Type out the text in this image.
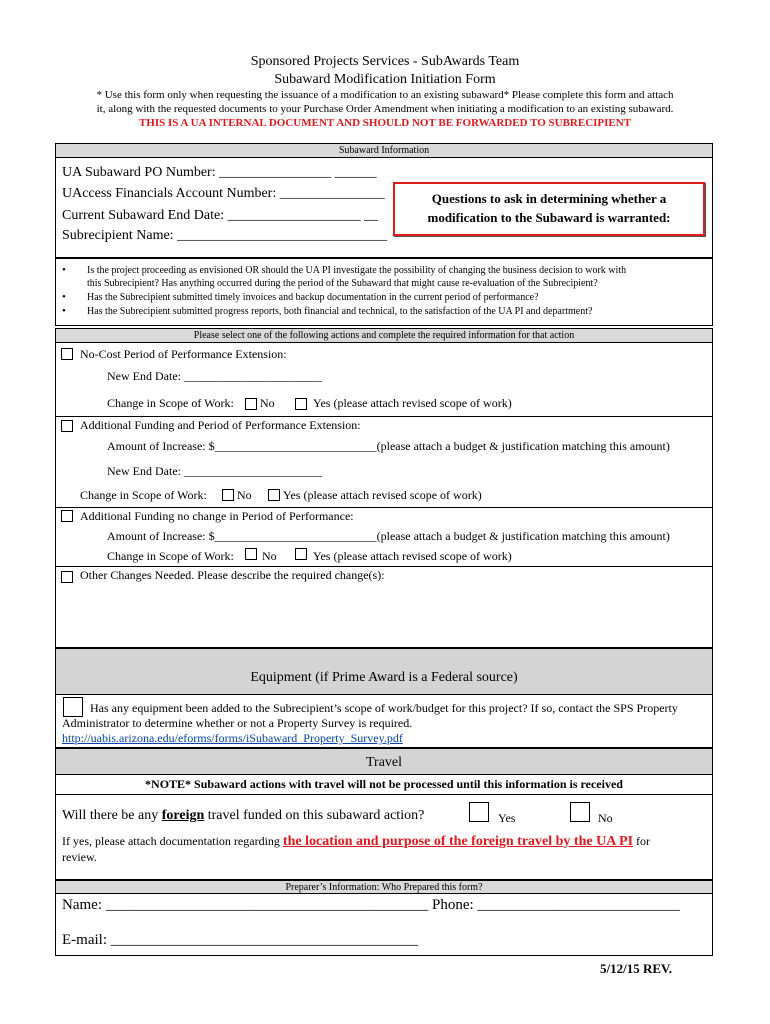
Sponsored Projects Services - SubAwards Team
Subaward Modification Initiation Form
* Use this form only when requesting the issuance of a modification to an existing subaward* Please complete this form and attach
it, along with the requested documents to your Purchase Order Amendment when initiating a modification to an existing subaward.
THIS IS A UA INTERNAL DOCUMENT AND SHOULD NOT BE FORWARDED TO SUBRECIPIENT
Subaward Information
UA Subaward PO Number: ________________ ______
UAccess Financials Account Number: _______________
Current Subaward End Date: ___________________ __
Subrecipient Name: ______________________________
Questions to ask in determining whether a
modification to the Subaward is warranted:
• Is the project proceeding as envisioned OR should the UA PI investigate the possibility of changing the business decision to work with
this Subrecipient? Has anything occurred during the period of the Subaward that might cause re-evaluation of the Subrecipient?
• Has the Subrecipient submitted timely invoices and backup documentation in the current period of performance?
• Has the Subrecipient submitted progress reports, both financial and technical, to the satisfaction of the UA PI and department?
Please select one of the following actions and complete the required information for that action
No-Cost Period of Performance Extension:
New End Date: _______________________
Change in Scope of Work: No	Yes (please attach revised scope of work)
Additional Funding and Period of Performance Extension:
Amount of Increase: $___________________________(please attach a budget & justification matching this amount)
New End Date: _______________________
Change in Scope of Work:	No	Yes (please attach revised scope of work)
Additional Funding no change in Period of Performance:
Amount of Increase: $___________________________(please attach a budget & justification matching this amount)
Change in Scope of Work: No	Yes (please attach revised scope of work)
Other Changes Needed. Please describe the required change(s):
Equipment (if Prime Award is a Federal source)
Has any equipment been added to the Subrecipient’s scope of work/budget for this project? If so, contact the SPS Property
Administrator to determine whether or not a Property Survey is required.
http://uabis.arizona.edu/eforms/forms/iSubaward_Property_Survey.pdf
Travel
*NOTE* Subaward actions with travel will not be processed until this information is received
Will there be any foreign travel funded on this subaward action?	Yes	No
If yes, please attach documentation regarding the location and purpose of the foreign travel by the UA PI for
review.
Preparer’s Information: Who Prepared this form?
Name: ___________________________________________ Phone: ___________________________
E-mail: _________________________________________
5/12/15 REV.
